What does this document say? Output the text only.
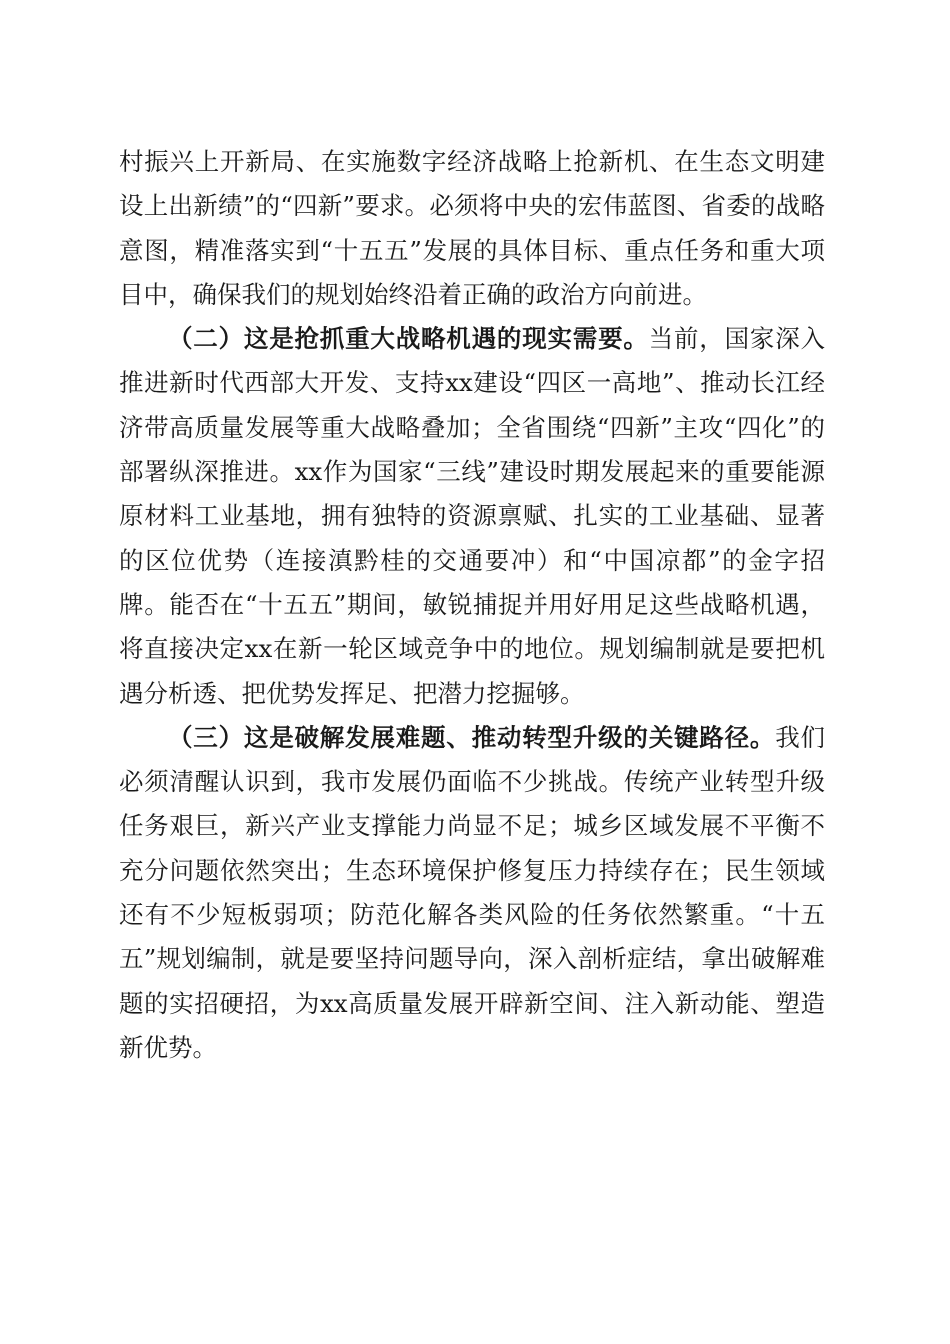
村振兴上开新局、在实施数字经济战略上抢新机、在生态文明建设上出新绩”的“四新”要求。必须将中央的宏伟蓝图、省委的战略意图，精准落实到“十五五”发展的具体目标、重点任务和重大项目中，确保我们的规划始终沿着正确的政治方向前进。

（二）这是抢抓重大战略机遇的现实需要。当前，国家深入推进新时代西部大开发、支持xx建设“四区一高地”、推动长江经济带高质量发展等重大战略叠加；全省围绕“四新”主攻“四化”的部署纵深推进。xx作为国家“三线”建设时期发展起来的重要能源原材料工业基地，拥有独特的资源禀赋、扎实的工业基础、显著的区位优势（连接滇黔桂的交通要冲）和“中国凉都”的金字招牌。能否在“十五五”期间，敏锐捕捉并用好用足这些战略机遇，将直接决定xx在新一轮区域竞争中的地位。规划编制就是要把机遇分析透、把优势发挥足、把潜力挖掘够。

（三）这是破解发展难题、推动转型升级的关键路径。我们必须清醒认识到，我市发展仍面临不少挑战。传统产业转型升级任务艰巨，新兴产业支撑能力尚显不足；城乡区域发展不平衡不充分问题依然突出；生态环境保护修复压力持续存在；民生领域还有不少短板弱项；防范化解各类风险的任务依然繁重。“十五五”规划编制，就是要坚持问题导向，深入剖析症结，拿出破解难题的实招硬招，为xx高质量发展开辟新空间、注入新动能、塑造新优势。
